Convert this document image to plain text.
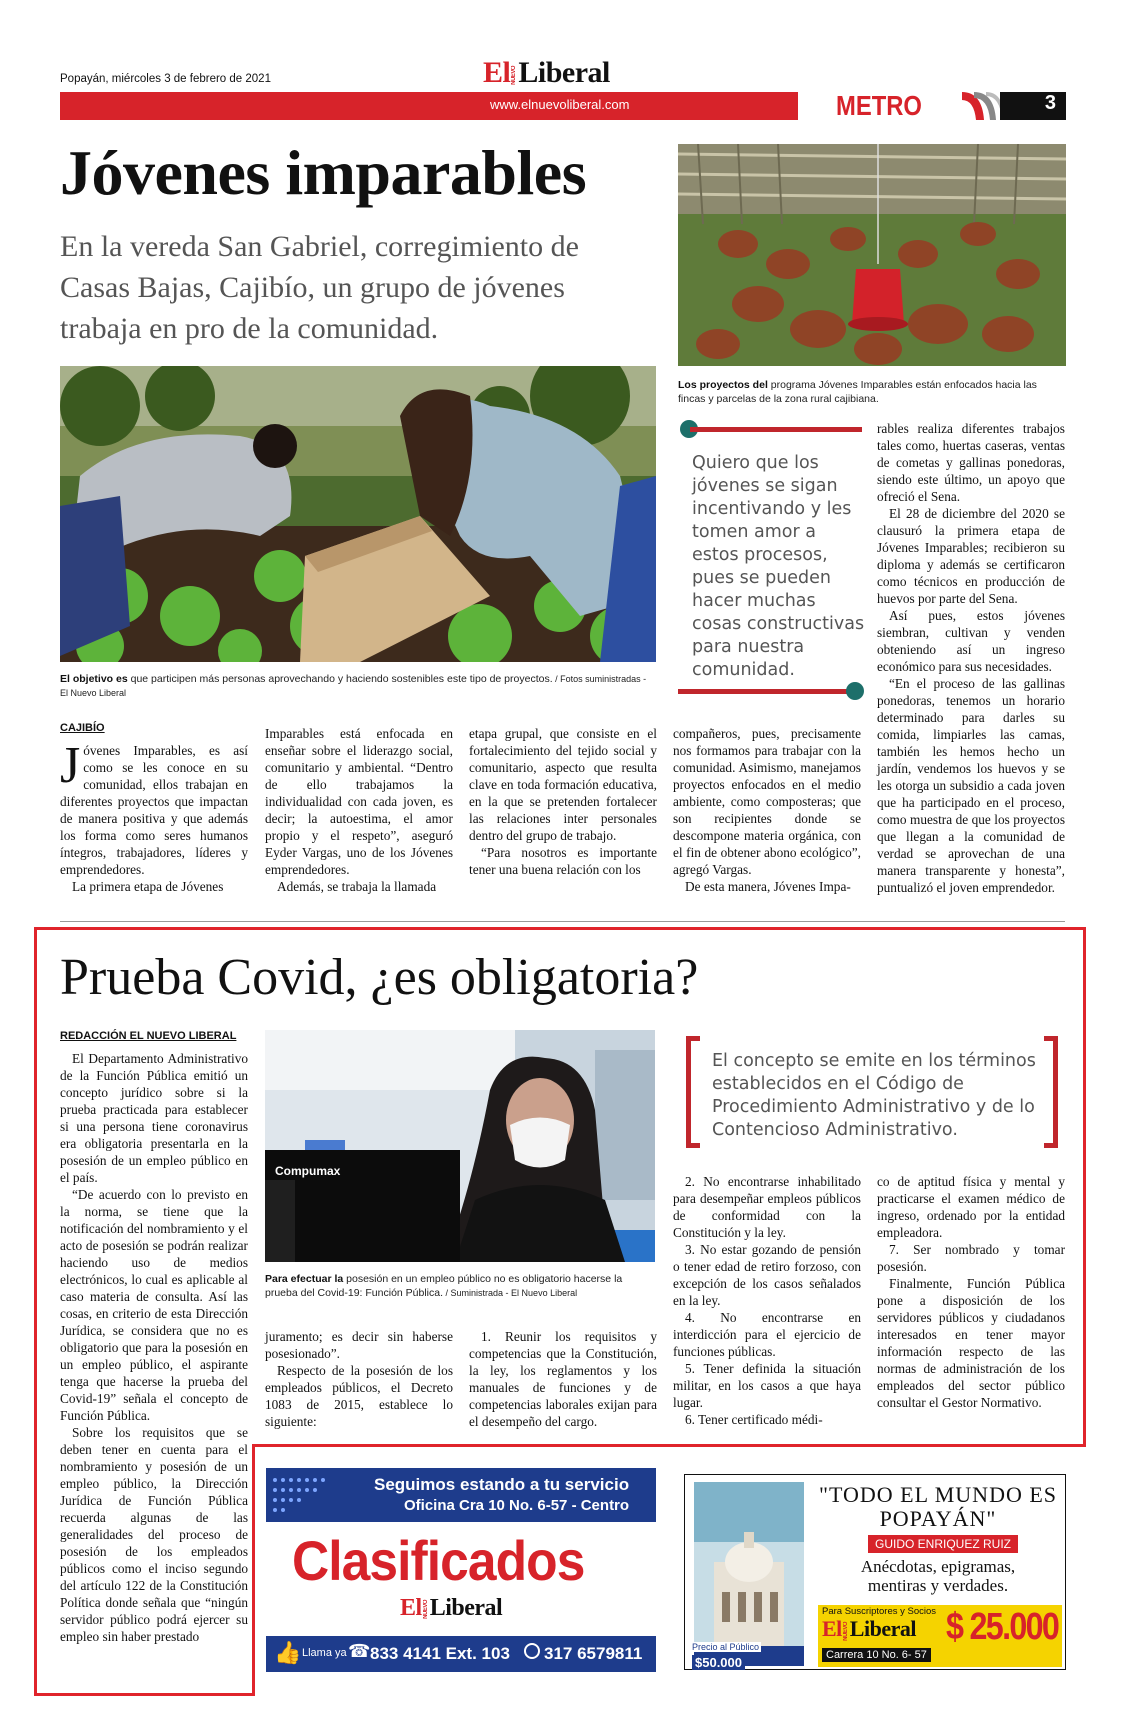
Popayán, miércoles 3 de febrero de 2021	ElNUEVOLiberal
www.elnuevoliberal.com	METRO	3
Jóvenes imparables
En la vereda San Gabriel, corregimiento de Casas Bajas, Cajibío, un grupo de jóvenes trabaja en pro de la comunidad.
El objetivo es que participen más personas aprovechando y haciendo sostenibles este tipo de proyectos. / Fotos suministradas - El Nuevo Liberal
Los proyectos del programa Jóvenes Imparables están enfocados hacia las fincas y parcelas de la zona rural cajibiana.
Quiero que los jóvenes se sigan incentivando y les tomen amor a estos procesos, pues se pueden hacer muchas cosas constructivas para nuestra comunidad.
CAJIBÍO
Jóvenes Imparables, es así como se les conoce en su comunidad, ellos trabajan en diferentes proyectos que impactan de manera positiva y que además los forma como seres humanos íntegros, trabajadores, líderes y emprendedores.

La primera etapa de Jóvenes

Imparables está enfocada en enseñar sobre el liderazgo social, comunitario y ambiental. “Dentro de ello trabajamos la individualidad con cada joven, es decir; la autoestima, el amor propio y el respeto”, aseguró Eyder Vargas, uno de los Jóvenes emprendedores.

Además, se trabaja la llamada

etapa grupal, que consiste en el fortalecimiento del tejido social y comunitario, aspecto que resulta clave en toda formación educativa, en la que se pretenden fortalecer las relaciones inter personales dentro del grupo de trabajo.

“Para nosotros es importante tener una buena relación con los

compañeros, pues, precisamente nos formamos para trabajar con la comunidad. Asimismo, manejamos proyectos enfocados en el medio ambiente, como composteras; que son recipientes donde se descompone materia orgánica, con el fin de obtener abono ecológico”, agregó Vargas.

De esta manera, Jóvenes Impa-

rables realiza diferentes trabajos tales como, huertas caseras, ventas de cometas y gallinas ponedoras, siendo este último, un apoyo que ofreció el Sena.

El 28 de diciembre del 2020 se clausuró la primera etapa de Jóvenes Imparables; recibieron su diploma y además se certificaron como técnicos en producción de huevos por parte del Sena.

Así pues, estos jóvenes siembran, cultivan y venden obteniendo así un ingreso económico para sus necesidades.

“En el proceso de las gallinas ponedoras, tenemos un horario determinado para darles su comida, limpiarles las camas, también les hemos hecho un jardín, vendemos los huevos y se les otorga un subsidio a cada joven que ha participado en el proceso, como muestra de que los proyectos que llegan a la comunidad de verdad se aprovechan de una manera transparente y honesta”, puntualizó el joven emprendedor.

Prueba Covid, ¿es obligatoria?
REDACCIÓN EL NUEVO LIBERAL

El Departamento Administrativo de la Función Pública emitió un concepto jurídico sobre si la prueba practicada para establecer si una persona tiene coronavirus era obligatoria presentarla en la posesión de un empleo público en el país.

“De acuerdo con lo previsto en la norma, se tiene que la notificación del nombramiento y el acto de posesión se podrán realizar haciendo uso de medios electrónicos, lo cual es aplicable al caso materia de consulta. Así las cosas, en criterio de esta Dirección Jurídica, se considera que no es obligatorio que para la posesión en un empleo público, el aspirante tenga que hacerse la prueba del Covid-19” señala el concepto de Función Pública.

Sobre los requisitos que se deben tener en cuenta para el nombramiento y posesión de un empleo público, la Dirección Jurídica de Función Pública recuerda algunas de las generalidades del proceso de posesión de los empleados públicos como el inciso segundo del artículo 122 de la Constitución Política donde señala que “ningún servidor público podrá ejercer su empleo sin haber prestado

Compumax
Para efectuar la posesión en un empleo público no es obligatorio hacerse la prueba del Covid-19: Función Pública. / Suministrada - El Nuevo Liberal
juramento; es decir sin haberse posesionado”.

Respecto de la posesión de los empleados públicos, el Decreto 1083 de 2015, establece lo siguiente:

1. Reunir los requisitos y competencias que la Constitución, la ley, los reglamentos y los manuales de funciones y de competencias laborales exijan para el desempeño del cargo.

El concepto se emite en los términos establecidos en el Código de Procedimiento Administrativo y de lo Contencioso Administrativo.

2. No encontrarse inhabilitado para desempeñar empleos públicos de conformidad con la Constitución y la ley.

3. No estar gozando de pensión o tener edad de retiro forzoso, con excepción de los casos señalados en la ley.

4. No encontrarse en interdicción para el ejercicio de funciones públicas.

5. Tener definida la situación militar, en los casos a que haya lugar.

6. Tener certificado médi-

co de aptitud física y mental y practicarse el examen médico de ingreso, ordenado por la entidad empleadora.

7. Ser nombrado y tomar posesión.

Finalmente, Función Pública pone a disposición de los servidores públicos y ciudadanos interesados en tener mayor información respecto de las normas de administración de los empleados del sector público consultar el Gestor Normativo.

Seguimos estando a tu servicio
Oficina Cra 10 No. 6-57 - Centro
Clasificados
ElNUEVOLiberal
👍 Llama ya ☎ 833 4141 Ext. 103 317 6579811	Precio al Público
$50.000
"TODO EL MUNDO ES POPAYÁN"
GUIDO ENRIQUEZ RUIZ
Anécdotas, epigramas, mentiras y verdades.
Para Suscriptores y Socios
ElNUEVOLiberal
Carrera 10 No. 6- 57
$ 25.000
